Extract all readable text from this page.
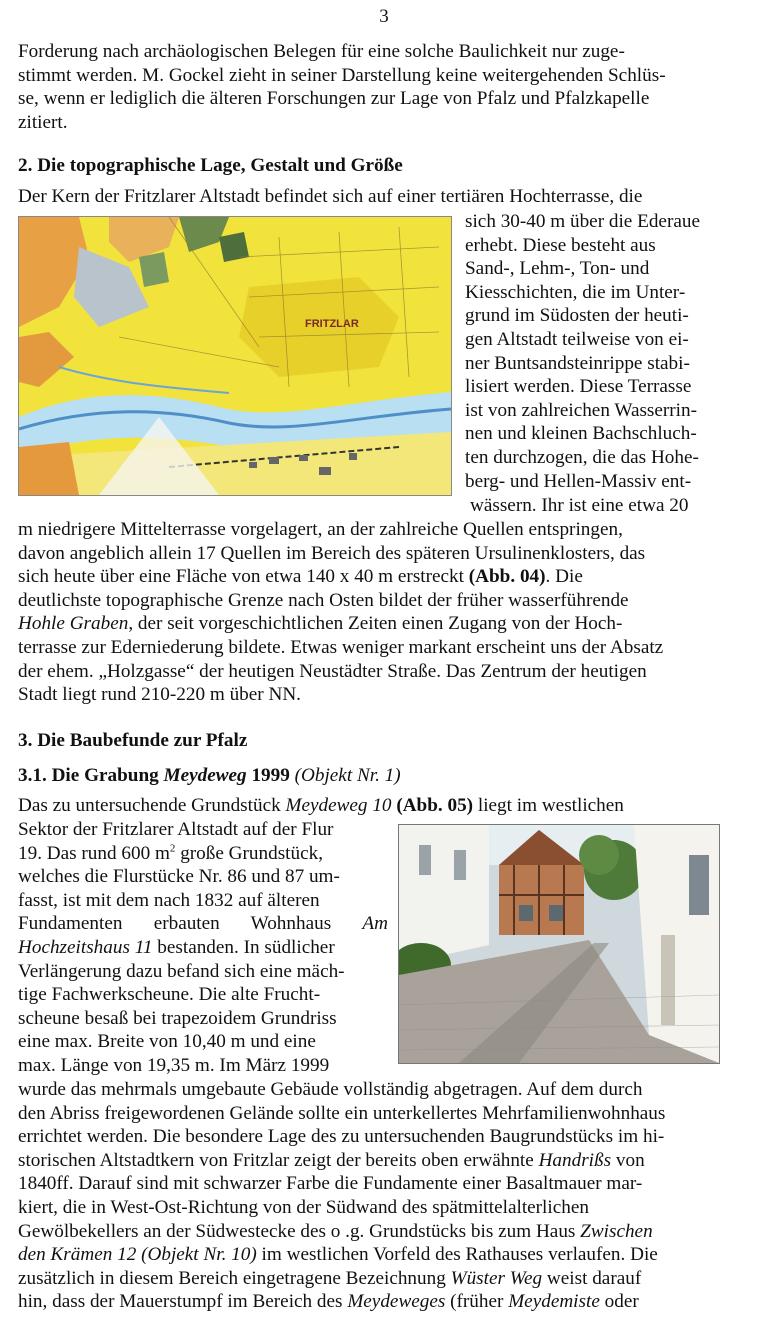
3

Forderung nach archäologischen Belegen für eine solche Baulichkeit nur zuge-

stimmt werden. M. Gockel zieht in seiner Darstellung keine weitergehenden Schlüs-

se, wenn er lediglich die älteren Forschungen zur Lage von Pfalz und Pfalzkapelle

zitiert.

2. Die topographische Lage, Gestalt und Größe

Der Kern der Fritzlarer Altstadt befindet sich auf einer tertiären Hochterrasse, die

FRITZLAR

sich 30-40 m über die Ederaue

erhebt. Diese besteht aus

Sand-, Lehm-, Ton- und

Kiesschichten, die im Unter-

grund im Südosten der heuti-

gen Altstadt teilweise von ei-

ner Buntsandsteinrippe stabi-

lisiert werden. Diese Terrasse

ist von zahlreichen Wasserrin-

nen und kleinen Bachschluch-

ten durchzogen, die das Hohe-

berg- und Hellen-Massiv ent-

wässern. Ihr ist eine etwa 20

m niedrigere Mittelterrasse vorgelagert, an der zahlreiche Quellen entspringen,

davon angeblich allein 17 Quellen im Bereich des späteren Ursulinenklosters, das

sich heute über eine Fläche von etwa 140 x 40 m erstreckt (Abb. 04). Die

deutlichste topographische Grenze nach Osten bildet der früher wasserführende

Hohle Graben, der seit vorgeschichtlichen Zeiten einen Zugang von der Hoch-

terrasse zur Ederniederung bildete. Etwas weniger markant erscheint uns der Absatz

der ehem. „Holzgasse“ der heutigen Neustädter Straße. Das Zentrum der heutigen

Stadt liegt rund 210-220 m über NN.

3. Die Baubefunde zur Pfalz

3.1. Die Grabung Meydeweg 1999 (Objekt Nr. 1)

Das zu untersuchende Grundstück Meydeweg 10 (Abb. 05) liegt im westlichen

Sektor der Fritzlarer Altstadt auf der Flur

19. Das rund 600 $m^2$ große Grundstück,

welches die Flurstücke Nr. 86 und 87 um-

fasst, ist mit dem nach 1832 auf älteren

Fundamenten erbauten Wohnhaus Am

Hochzeitshaus 11 bestanden. In südlicher

Verlängerung dazu befand sich eine mäch-

tige Fachwerkscheune. Die alte Frucht-

scheune besaß bei trapezoidem Grundriss

eine max. Breite von 10,40 m und eine

max. Länge von 19,35 m. Im März 1999

wurde das mehrmals umgebaute Gebäude vollständig abgetragen. Auf dem durch

den Abriss freigewordenen Gelände sollte ein unterkellertes Mehrfamilienwohnhaus

errichtet werden. Die besondere Lage des zu untersuchenden Baugrundstücks im hi-

storischen Altstadtkern von Fritzlar zeigt der bereits oben erwähnte Handrißs von

1840ff. Darauf sind mit schwarzer Farbe die Fundamente einer Basaltmauer mar-

kiert, die in West-Ost-Richtung von der Südwand des spätmittelalterlichen

Gewölbekellers an der Südwestecke des o .g. Grundstücks bis zum Haus Zwischen

den Krämen 12 (Objekt Nr. 10) im westlichen Vorfeld des Rathauses verlaufen. Die

zusätzlich in diesem Bereich eingetragene Bezeichnung Wüster Weg weist darauf

hin, dass der Mauerstumpf im Bereich des Meydeweges (früher Meydemiste oder
